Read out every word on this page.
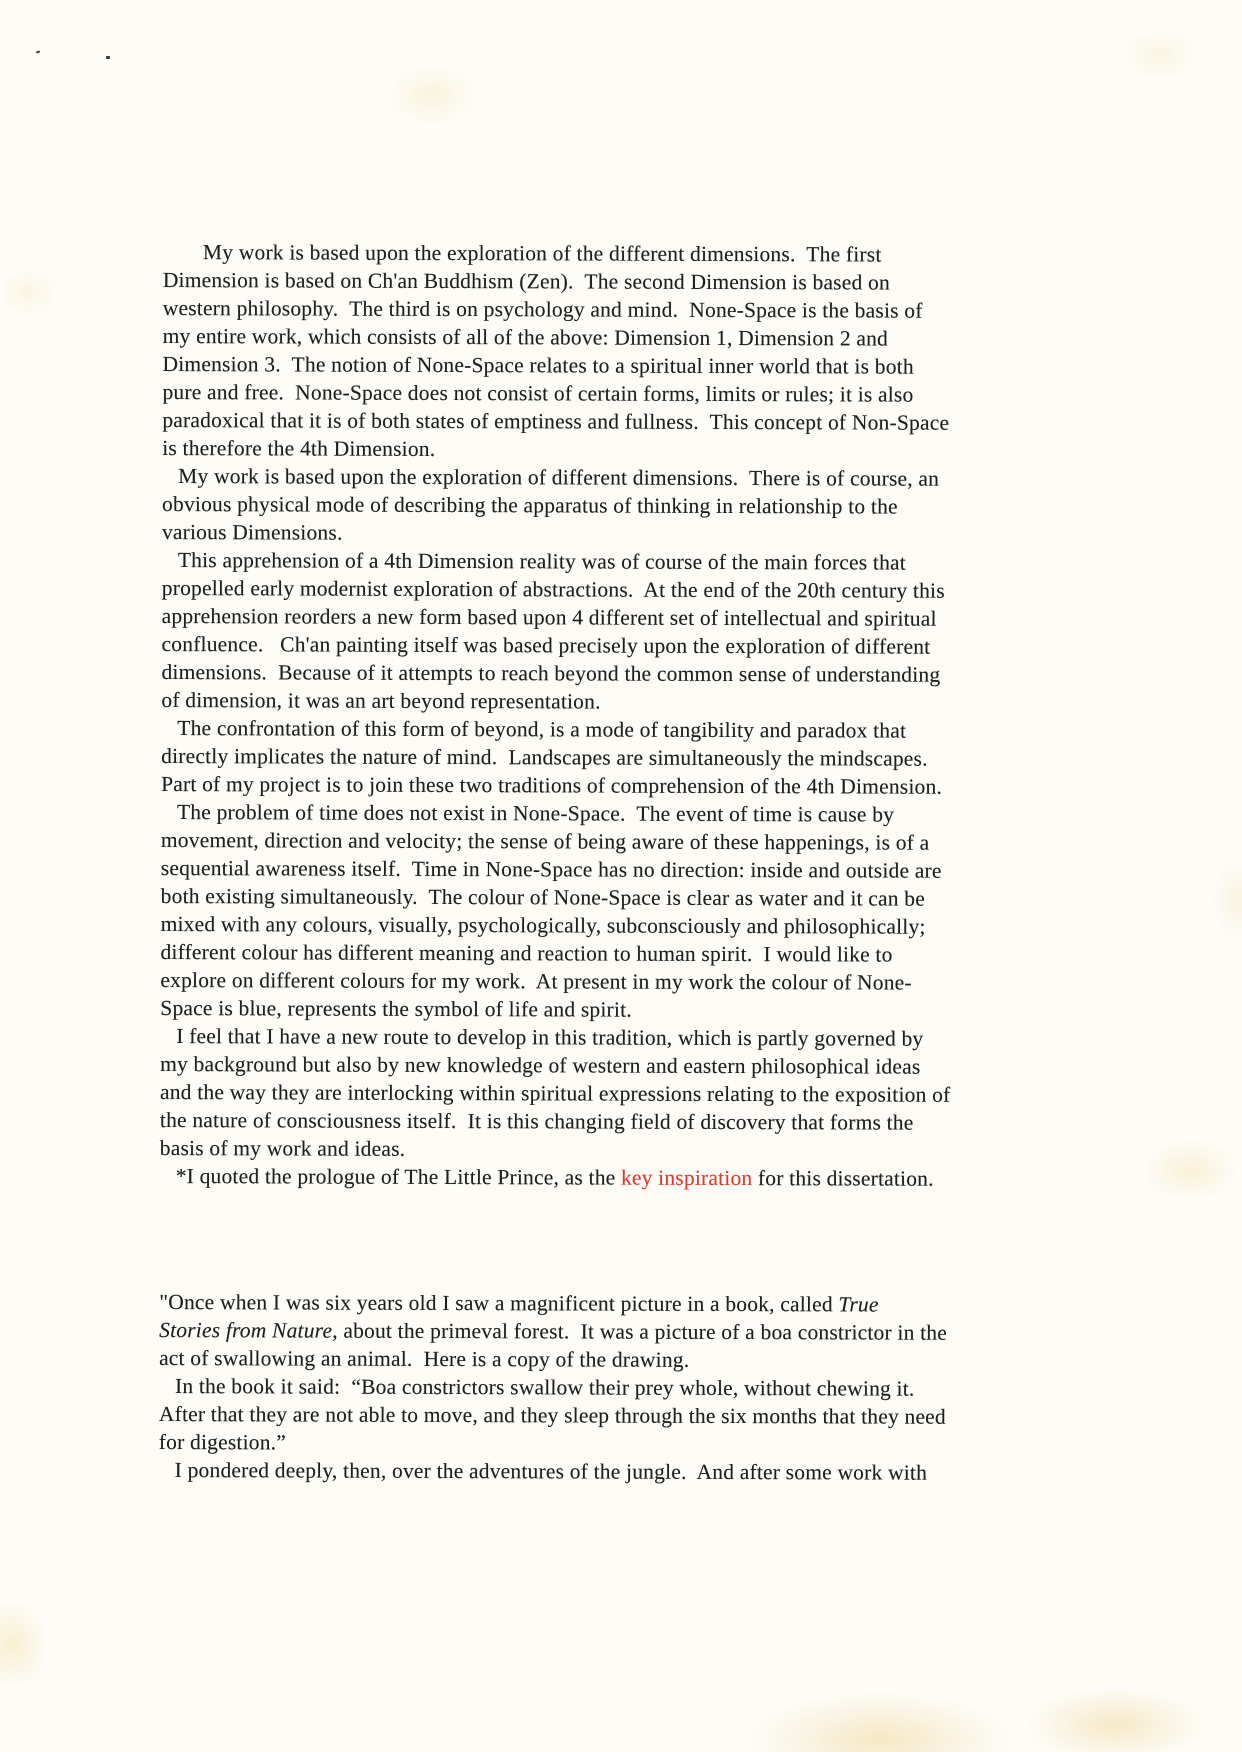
My work is based upon the exploration of the different dimensions.  The first
Dimension is based on Ch'an Buddhism (Zen).  The second Dimension is based on
western philosophy.  The third is on psychology and mind.  None-Space is the basis of
my entire work, which consists of all of the above: Dimension 1, Dimension 2 and
Dimension 3.  The notion of None-Space relates to a spiritual inner world that is both
pure and free.  None-Space does not consist of certain forms, limits or rules; it is also
paradoxical that it is of both states of emptiness and fullness.  This concept of Non-Space
is therefore the 4th Dimension.
My work is based upon the exploration of different dimensions.  There is of course, an
obvious physical mode of describing the apparatus of thinking in relationship to the
various Dimensions.
This apprehension of a 4th Dimension reality was of course of the main forces that
propelled early modernist exploration of abstractions.  At the end of the 20th century this
apprehension reorders a new form based upon 4 different set of intellectual and spiritual
confluence.   Ch'an painting itself was based precisely upon the exploration of different
dimensions.  Because of it attempts to reach beyond the common sense of understanding
of dimension, it was an art beyond representation.
The confrontation of this form of beyond, is a mode of tangibility and paradox that
directly implicates the nature of mind.  Landscapes are simultaneously the mindscapes.
Part of my project is to join these two traditions of comprehension of the 4th Dimension.
The problem of time does not exist in None-Space.  The event of time is cause by
movement, direction and velocity; the sense of being aware of these happenings, is of a
sequential awareness itself.  Time in None-Space has no direction: inside and outside are
both existing simultaneously.  The colour of None-Space is clear as water and it can be
mixed with any colours, visually, psychologically, subconsciously and philosophically;
different colour has different meaning and reaction to human spirit.  I would like to
explore on different colours for my work.  At present in my work the colour of None-
Space is blue, represents the symbol of life and spirit.
I feel that I have a new route to develop in this tradition, which is partly governed by
my background but also by new knowledge of western and eastern philosophical ideas
and the way they are interlocking within spiritual expressions relating to the exposition of
the nature of consciousness itself.  It is this changing field of discovery that forms the
basis of my work and ideas.
*I quoted the prologue of The Little Prince, as the key inspiration for this dissertation.
"Once when I was six years old I saw a magnificent picture in a book, called True
Stories from Nature, about the primeval forest.  It was a picture of a boa constrictor in the
act of swallowing an animal.  Here is a copy of the drawing.
In the book it said:  “Boa constrictors swallow their prey whole, without chewing it.
After that they are not able to move, and they sleep through the six months that they need
for digestion.”
I pondered deeply, then, over the adventures of the jungle.  And after some work with
